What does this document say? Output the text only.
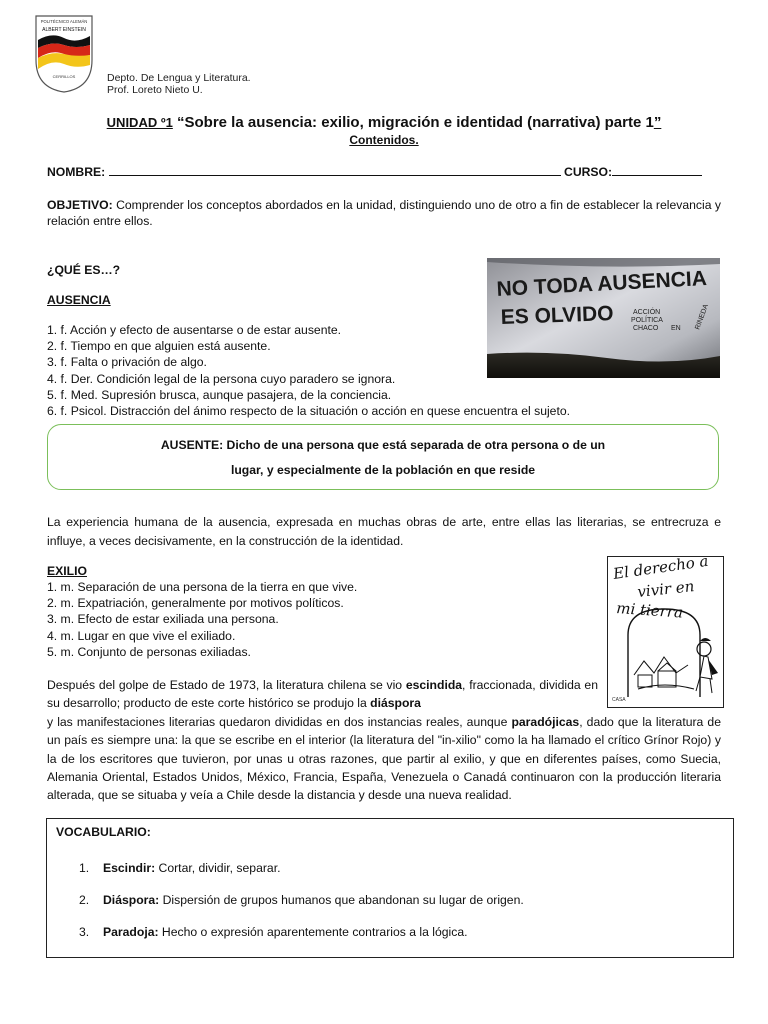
POLITÉCNICO ALEMÁN
ALBERT EINSTEIN
CERRILLOS	Depto. De Lengua y Literatura.
Prof. Loreto Nieto U.
UNIDAD º1 “Sobre la ausencia: exilio, migración e identidad (narrativa) parte 1”
Contenidos.
NOMBRE:	CURSO:
OBJETIVO: Comprender los conceptos abordados en la unidad, distinguiendo uno de otro a fin de establecer la relevancia y relación entre ellos.
¿QUÉ ES…?
AUSENCIA
1. f. Acción y efecto de ausentarse o de estar ausente.
2. f. Tiempo en que alguien está ausente.
3. f. Falta o privación de algo.
4. f. Der. Condición legal de la persona cuyo paradero se ignora.
5. f. Med. Supresión brusca, aunque pasajera, de la conciencia.
6. f. Psicol. Distracción del ánimo respecto de la situación o acción en quese encuentra el sujeto.
NO TODA AUSENCIA
ES OLVIDO	ACCIÓN
POLÍTICA
CHACO EN RINEDA

AUSENTE: Dicho de una persona que está separada de otra persona o de un

lugar, y especialmente de la población en que reside

La experiencia humana de la ausencia, expresada en muchas obras de arte, entre ellas las literarias, se entrecruza e influye, a veces decisivamente, en la construcción de la identidad.
EXILIO
1. m. Separación de una persona de la tierra en que vive.
2. m. Expatriación, generalmente por motivos políticos.
3. m. Efecto de estar exiliada una persona.
4. m. Lugar en que vive el exiliado.
5. m. Conjunto de personas exiliadas.
El derecho a
vivir en
mi tierra
CASA
Después del golpe de Estado de 1973, la literatura chilena se vio escindida, fraccionada, dividida en su desarrollo; producto de este corte histórico se produjo la diáspora
y las manifestaciones literarias quedaron divididas en dos instancias reales, aunque paradójicas, dado que la literatura de un país es siempre una: la que se escribe en el interior (la literatura del "in-xilio" como la ha llamado el crítico Grínor Rojo) y la de los escritores que tuvieron, por unas u otras razones, que partir al exilio, y que en diferentes países, como Suecia, Alemania Oriental, Estados Unidos, México, Francia, España, Venezuela o Canadá continuaron con la producción literaria alterada, que se situaba y veía a Chile desde la distancia y desde una nueva realidad.
VOCABULARIO:
1. Escindir: Cortar, dividir, separar.
2. Diáspora: Dispersión de grupos humanos que abandonan su lugar de origen.
3. Paradoja: Hecho o expresión aparentemente contrarios a la lógica.
